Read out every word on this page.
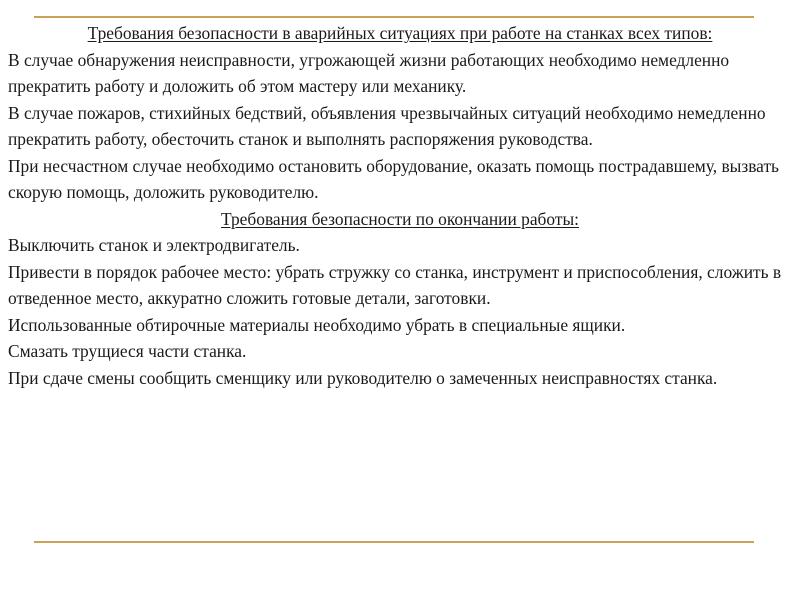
Требования безопасности в аварийных ситуациях при работе на станках всех типов:

В случае обнаружения неисправности, угрожающей жизни работающих необходимо немедленно прекратить работу и доложить об этом мастеру или механику.

В случае пожаров, стихийных бедствий, объявления чрезвычайных ситуаций необходимо немедленно прекратить работу, обесточить станок и выполнять распоряжения руководства.

При несчастном случае необходимо остановить оборудование, оказать помощь пострадавшему, вызвать скорую помощь, доложить руководителю.

Требования безопасности по окончании работы:

Выключить станок и электродвигатель.

Привести в порядок рабочее место: убрать стружку со станка, инструмент и приспособления, сложить в отведенное место, аккуратно сложить готовые детали, заготовки.

Использованные обтирочные материалы необходимо убрать в специальные ящики.

Смазать трущиеся части станка.

При сдаче смены сообщить сменщику или руководителю о замеченных неисправностях станка.
